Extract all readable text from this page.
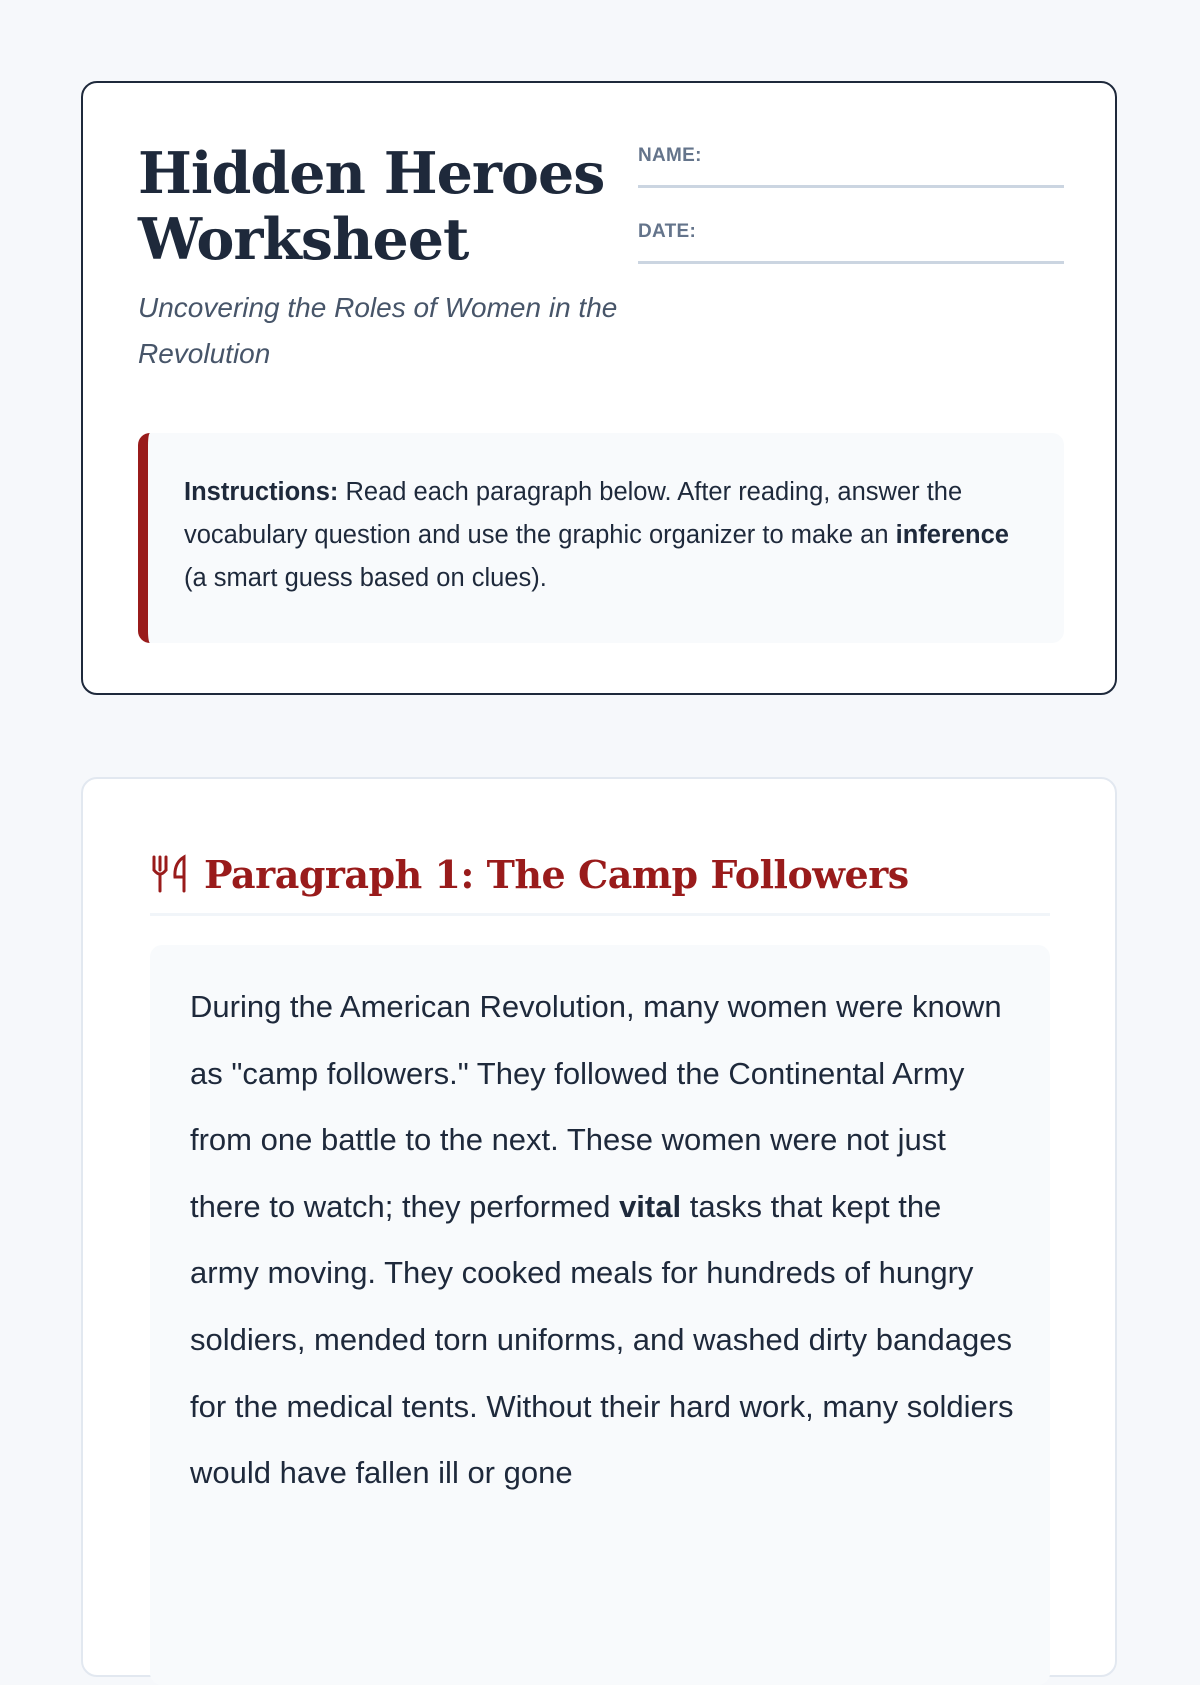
Hidden Heroes
Worksheet

Uncovering the Roles of Women in the Revolution

NAME:
DATE:
Instructions: Read each paragraph below. After reading, answer the vocabulary question and use the graphic organizer to make an inference (a smart guess based on clues).
Paragraph 1: The Camp Followers
During the American Revolution, many women were known as "camp followers." They followed the Continental Army from one battle to the next. These women were not just there to watch; they performed vital tasks that kept the army moving. They cooked meals for hundreds of hungry soldiers, mended torn uniforms, and washed dirty bandages for the medical tents. Without their hard work, many soldiers would have fallen ill or gone
